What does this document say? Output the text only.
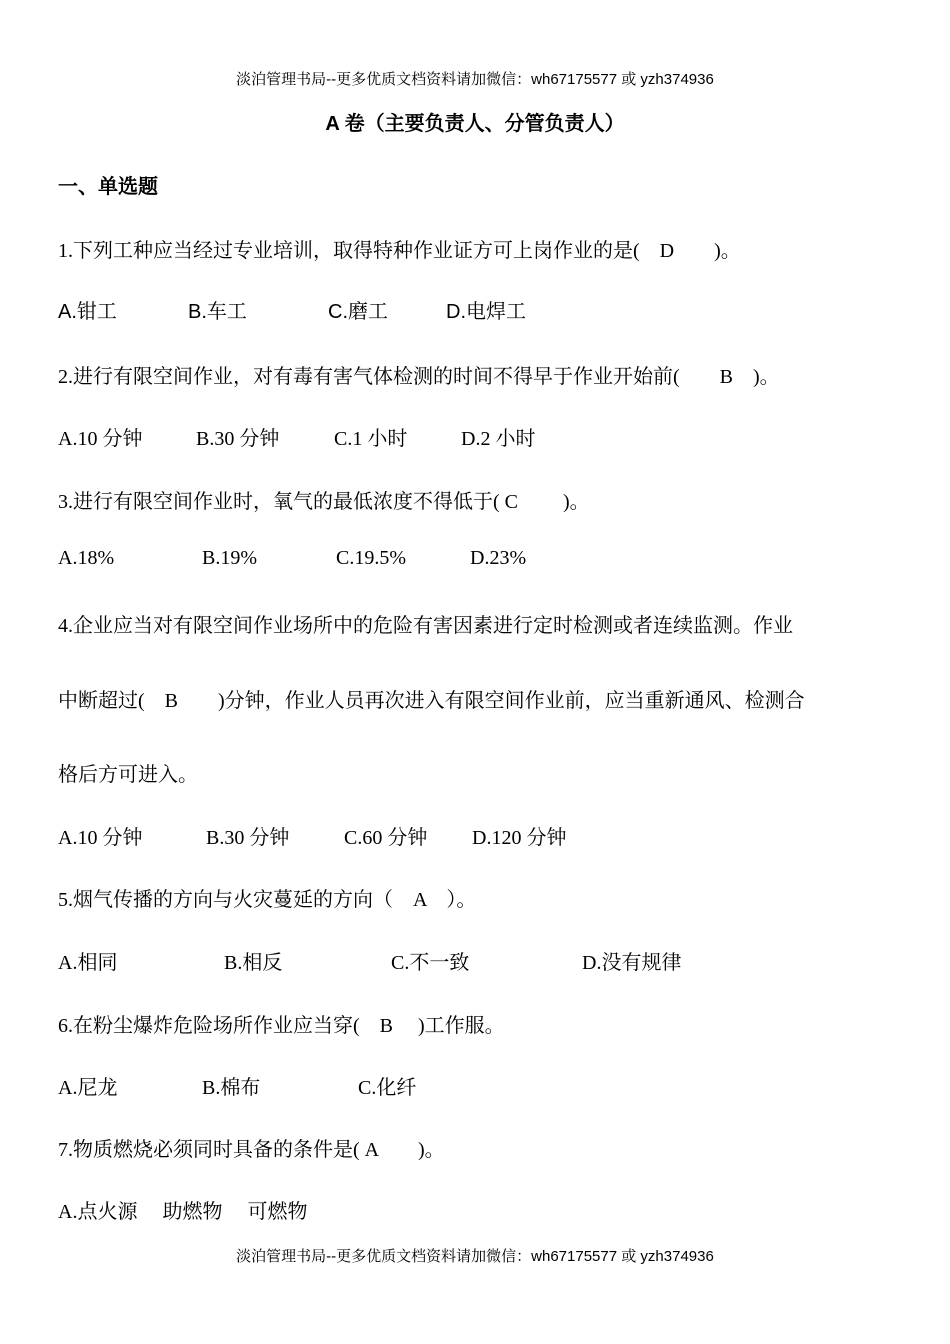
淡泊管理书局--更多优质文档资料请加微信：wh67175577 或 yzh374936
A 卷（主要负责人、分管负责人）
一、单选题
1.下列工种应当经过专业培训，取得特种作业证方可上岗作业的是(　D　　)。
A.钳工	B.车工	C.磨工	D.电焊工
2.进行有限空间作业，对有毒有害气体检测的时间不得早于作业开始前(　　B　)。
A.10 分钟	B.30 分钟	C.1 小时	D.2 小时
3.进行有限空间作业时，氧气的最低浓度不得低于( C　　 )。
A.18%	B.19%	C.19.5%	D.23%
4.企业应当对有限空间作业场所中的危险有害因素进行定时检测或者连续监测。作业
中断超过(　B　　)分钟，作业人员再次进入有限空间作业前，应当重新通风、检测合
格后方可进入。
A.10 分钟	B.30 分钟	C.60 分钟 D.120 分钟
5.烟气传播的方向与火灾蔓延的方向（　A　）。
A.相同	B.相反	C.不一致	D.没有规律
6.在粉尘爆炸危险场所作业应当穿(　B　 )工作服。
A.尼龙	B.棉布	C.化纤
7.物质燃烧必须同时具备的条件是( A　　)。
A.点火源　 助燃物　 可燃物
淡泊管理书局--更多优质文档资料请加微信：wh67175577 或 yzh374936
